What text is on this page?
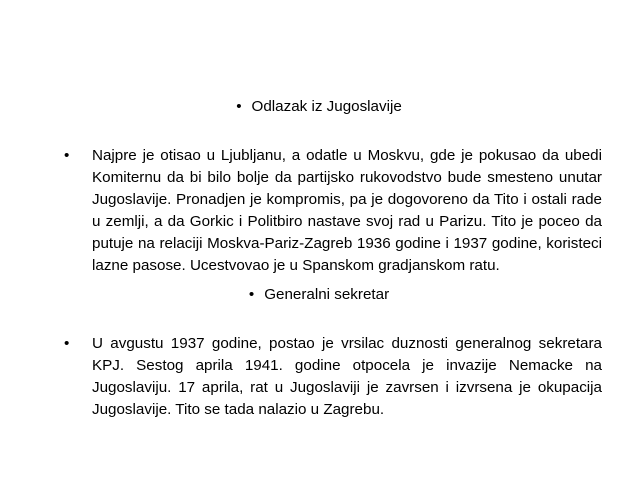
• Odlazak iz Jugoslavije
• Najpre je otisao u Ljubljanu, a odatle u Moskvu, gde je pokusao da ubedi Komiternu da bi bilo bolje da partijsko rukovodstvo bude smesteno unutar Jugoslavije. Pronadjen je kompromis, pa je dogovoreno da Tito i ostali rade u zemlji, a da Gorkic i Politbiro nastave svoj rad u Parizu. Tito je poceo da putuje na relaciji Moskva-Pariz-Zagreb 1936 godine i 1937 godine, koristeci lazne pasose. Ucestvovao je u Spanskom gradjanskom ratu.
• Generalni sekretar
• U avgustu 1937 godine, postao je vrsilac duznosti generalnog sekretara KPJ. Sestog aprila 1941. godine otpocela je invazije Nemacke na Jugoslaviju. 17 aprila, rat u Jugoslaviji je zavrsen i izvrsena je okupacija Jugoslavije. Tito se tada nalazio u Zagrebu.
